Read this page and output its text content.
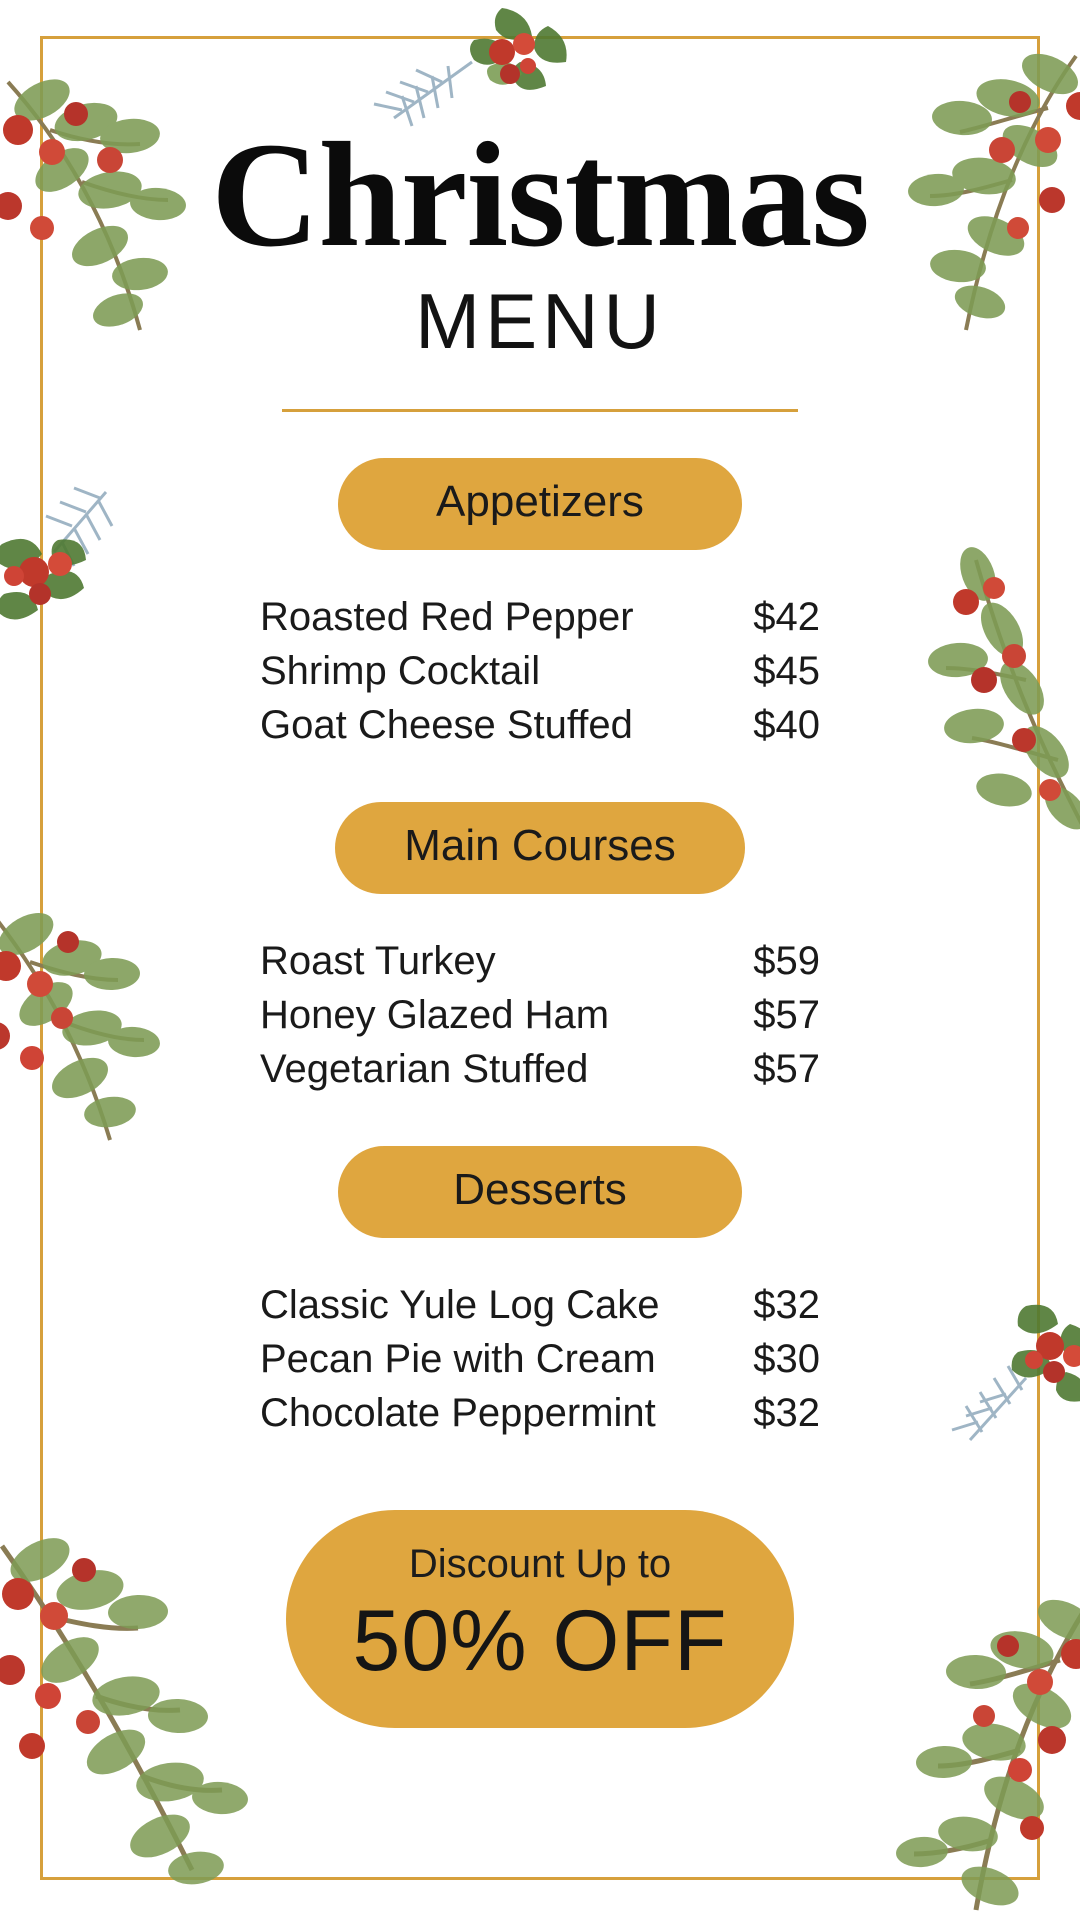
Christmas
MENU
Appetizers
Roasted Red Pepper	$42
Shrimp Cocktail	$45
Goat Cheese Stuffed	$40
Main Courses
Roast Turkey	$59
Honey Glazed Ham	$57
Vegetarian Stuffed	$57
Desserts
Classic Yule Log Cake	$32
Pecan Pie with Cream	$30
Chocolate Peppermint	$32
Discount Up to
50% OFF
